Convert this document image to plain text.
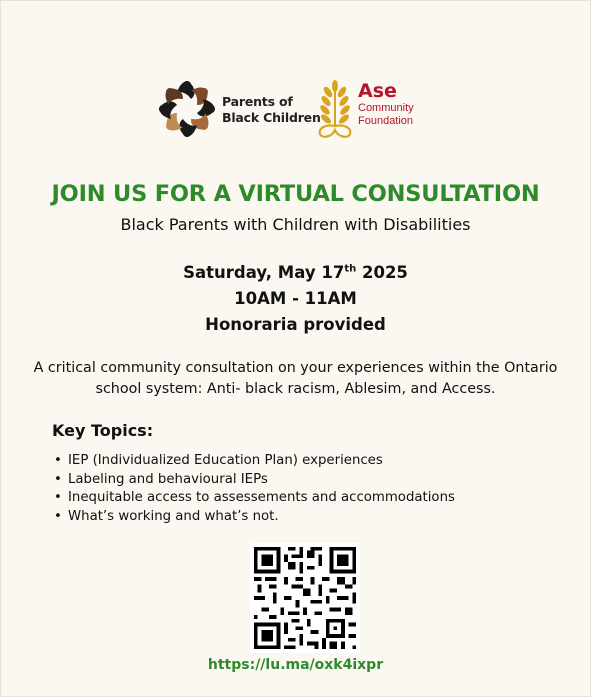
Parents of
Black Children
Ase
Community
Foundation
JOIN US FOR A VIRTUAL CONSULTATION
Black Parents with Children with Disabilities
Saturday, May 17th 2025
10AM - 11AM
Honoraria provided
A critical community consultation on your experiences within the Ontario
school system: Anti- black racism, Ablesim, and Access.
Key Topics:
• IEP (Individualized Education Plan) experiences
• Labeling and behavioural IEPs
• Inequitable access to assessements and accommodations
• What’s working and what’s not.
https://lu.ma/oxk4ixpr
